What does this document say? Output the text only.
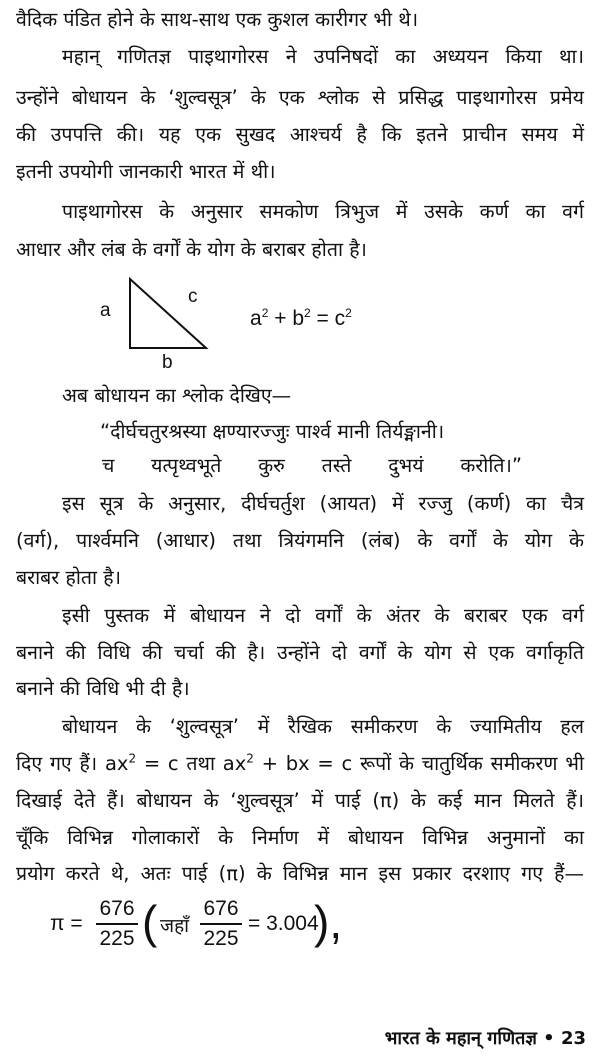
वैदिक पंडित होने के साथ-साथ एक कुशल कारीगर भी थे।
महान् गणितज्ञ पाइथागोरस ने उपनिषदों का अध्ययन किया था।
उन्होंने बोधायन के ‘शुल्वसूत्र’ के एक श्लोक से प्रसिद्ध पाइथागोरस प्रमेय
की उपपत्ति की। यह एक सुखद आश्चर्य है कि इतने प्राचीन समय में
इतनी उपयोगी जानकारी भारत में थी।
पाइथागोरस के अनुसार समकोण त्रिभुज में उसके कर्ण का वर्ग
आधार और लंब के वर्गों के योग के बराबर होता है।
a
c
b
$a^2 + b^2 = c^2$
अब बोधायन का श्लोक देखिए—
“दीर्घचतुरश्रस्या क्षण्यारज्जुः पार्श्व मानी तिर्यङ्मानी।
च यत्पृथ्वभूते कुरु तस्ते दुभयं करोति।”
इस सूत्र के अनुसार, दीर्घचर्तुश (आयत) में रज्जु (कर्ण) का चैत्र
(वर्ग), पार्श्वमनि (आधार) तथा त्रियंगमनि (लंब) के वर्गों के योग के
बराबर होता है।
इसी पुस्तक में बोधायन ने दो वर्गों के अंतर के बराबर एक वर्ग
बनाने की विधि की चर्चा की है। उन्होंने दो वर्गों के योग से एक वर्गाकृति
बनाने की विधि भी दी है।
बोधायन के ‘शुल्वसूत्र’ में रैखिक समीकरण के ज्यामितीय हल
दिए गए हैं। $ax^2 = c$ तथा $ax^2$ + bx = c रूपों के चातुर्थिक समीकरण भी
दिखाई देते हैं। बोधायन के ‘शुल्वसूत्र’ में पाई (π) के कई मान मिलते हैं।
चूँकि विभिन्न गोलाकारों के निर्माण में बोधायन विभिन्न अनुमानों का
प्रयोग करते थे, अतः पाई (π) के विभिन्न मान इस प्रकार दरशाए गए हैं—
π =
676
225 ( जहाँ
676
225
= 3.004
),
भारत के महान् गणितज्ञ • 23
